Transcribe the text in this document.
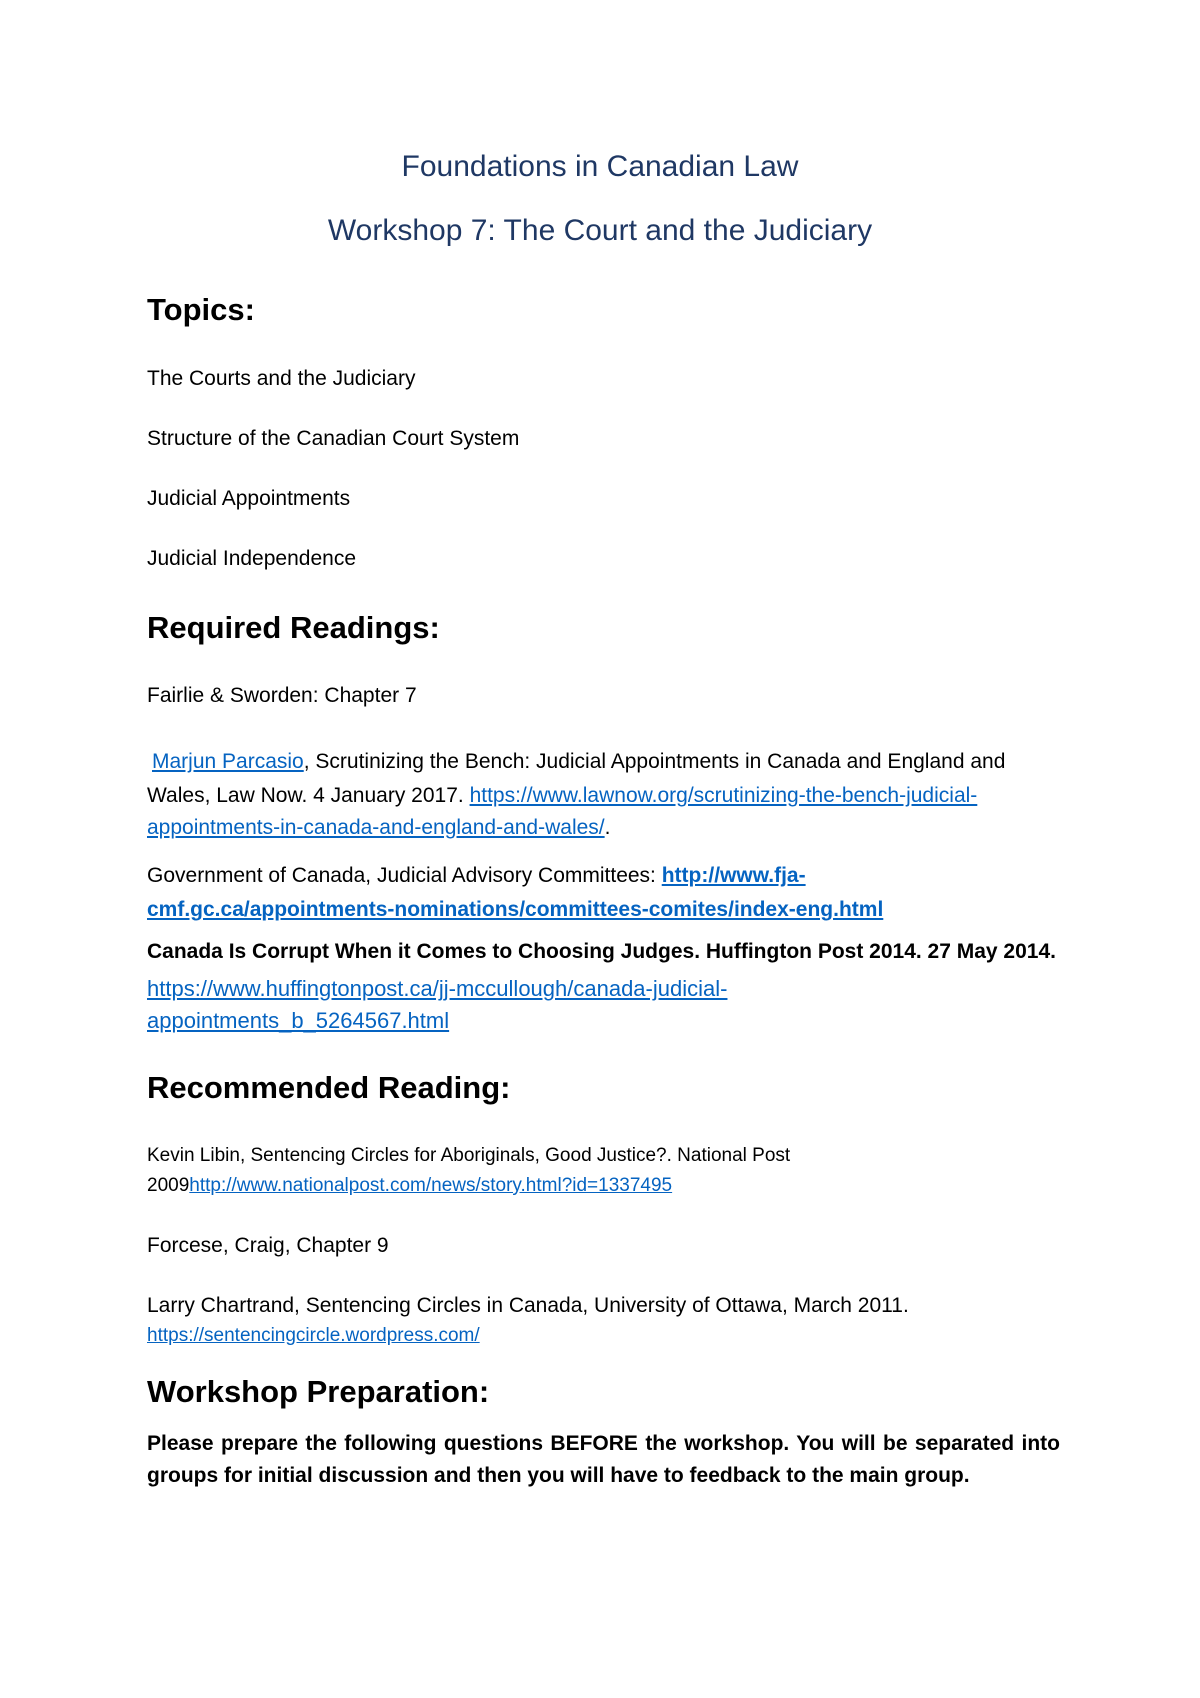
Foundations in Canadian Law
Workshop 7: The Court and the Judiciary
Topics:
The Courts and the Judiciary
Structure of the Canadian Court System
Judicial Appointments
Judicial Independence
Required Readings:
Fairlie & Sworden: Chapter 7
Marjun Parcasio, Scrutinizing the Bench: Judicial Appointments in Canada and England and
Wales, Law Now. 4 January 2017. https://www.lawnow.org/scrutinizing-the-bench-judicial-
appointments-in-canada-and-england-and-wales/.
Government of Canada, Judicial Advisory Committees: http://www.fja-
cmf.gc.ca/appointments-nominations/committees-comites/index-eng.html
Canada Is Corrupt When it Comes to Choosing Judges. Huffington Post 2014. 27 May 2014.
https://www.huffingtonpost.ca/jj-mccullough/canada-judicial-
appointments_b_5264567.html
Recommended Reading:
Kevin Libin, Sentencing Circles for Aboriginals, Good Justice?. National Post
2009http://www.nationalpost.com/news/story.html?id=1337495
Forcese, Craig, Chapter 9
Larry Chartrand, Sentencing Circles in Canada, University of Ottawa, March 2011.
https://sentencingcircle.wordpress.com/
Workshop Preparation:
Please prepare the following questions BEFORE the workshop. You will be separated into
groups for initial discussion and then you will have to feedback to the main group.
